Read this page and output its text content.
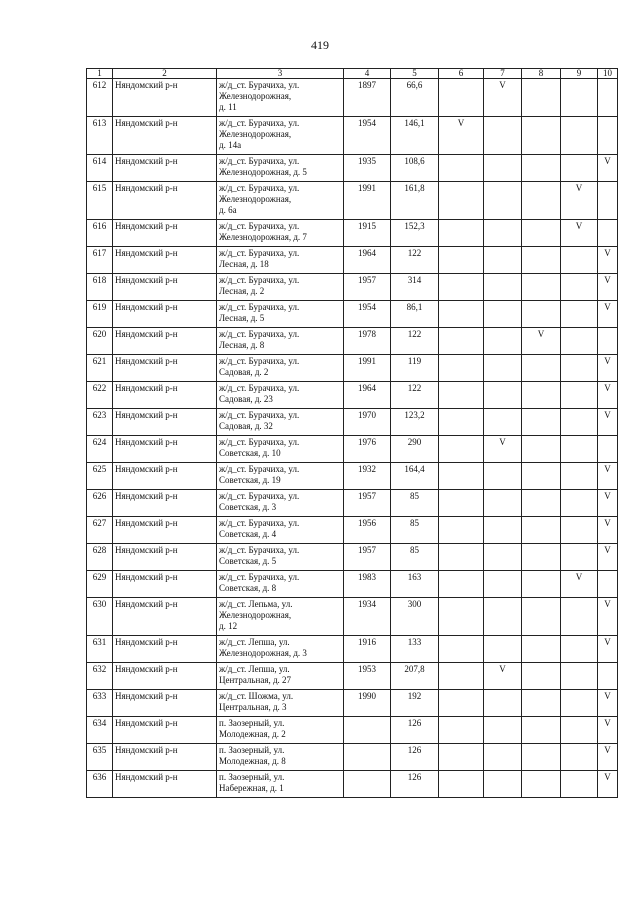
419
1	2	3	4	5	6	7	8	9	10
612	Няндомский р-н	ж/д_ст. Бурачиха, ул.
Железнодорожная,
д. 11	1897	66,6		V			
613	Няндомский р-н	ж/д_ст. Бурачиха, ул.
Железнодорожная,
д. 14а	1954	146,1	V				
614	Няндомский р-н	ж/д_ст. Бурачиха, ул.
Железнодорожная, д. 5	1935	108,6					V
615	Няндомский р-н	ж/д_ст. Бурачиха, ул.
Железнодорожная,
д. 6а	1991	161,8				V	
616	Няндомский р-н	ж/д_ст. Бурачиха, ул.
Железнодорожная, д. 7	1915	152,3				V	
617	Няндомский р-н	ж/д_ст. Бурачиха, ул.
Лесная, д. 18	1964	122					V
618	Няндомский р-н	ж/д_ст. Бурачиха, ул.
Лесная, д. 2	1957	314					V
619	Няндомский р-н	ж/д_ст. Бурачиха, ул.
Лесная, д. 5	1954	86,1					V
620	Няндомский р-н	ж/д_ст. Бурачиха, ул.
Лесная, д. 8	1978	122			V		
621	Няндомский р-н	ж/д_ст. Бурачиха, ул.
Садовая, д. 2	1991	119					V
622	Няндомский р-н	ж/д_ст. Бурачиха, ул.
Садовая, д. 23	1964	122					V
623	Няндомский р-н	ж/д_ст. Бурачиха, ул.
Садовая, д. 32	1970	123,2					V
624	Няндомский р-н	ж/д_ст. Бурачиха, ул.
Советская, д. 10	1976	290		V			
625	Няндомский р-н	ж/д_ст. Бурачиха, ул.
Советская, д. 19	1932	164,4					V
626	Няндомский р-н	ж/д_ст. Бурачиха, ул.
Советская, д. 3	1957	85					V
627	Няндомский р-н	ж/д_ст. Бурачиха, ул.
Советская, д. 4	1956	85					V
628	Няндомский р-н	ж/д_ст. Бурачиха, ул.
Советская, д. 5	1957	85					V
629	Няндомский р-н	ж/д_ст. Бурачиха, ул.
Советская, д. 8	1983	163				V	
630	Няндомский р-н	ж/д_ст. Лепьма, ул.
Железнодорожная,
д. 12	1934	300					V
631	Няндомский р-н	ж/д_ст. Лепша, ул.
Железнодорожная, д. 3	1916	133					V
632	Няндомский р-н	ж/д_ст. Лепша, ул.
Центральная, д. 27	1953	207,8		V			
633	Няндомский р-н	ж/д_ст. Шожма, ул.
Центральная, д. 3	1990	192					V
634	Няндомский р-н	п. Заозерный, ул.
Молодежная, д. 2		126					V
635	Няндомский р-н	п. Заозерный, ул.
Молодежная, д. 8		126					V
636	Няндомский р-н	п. Заозерный, ул.
Набережная, д. 1		126					V
